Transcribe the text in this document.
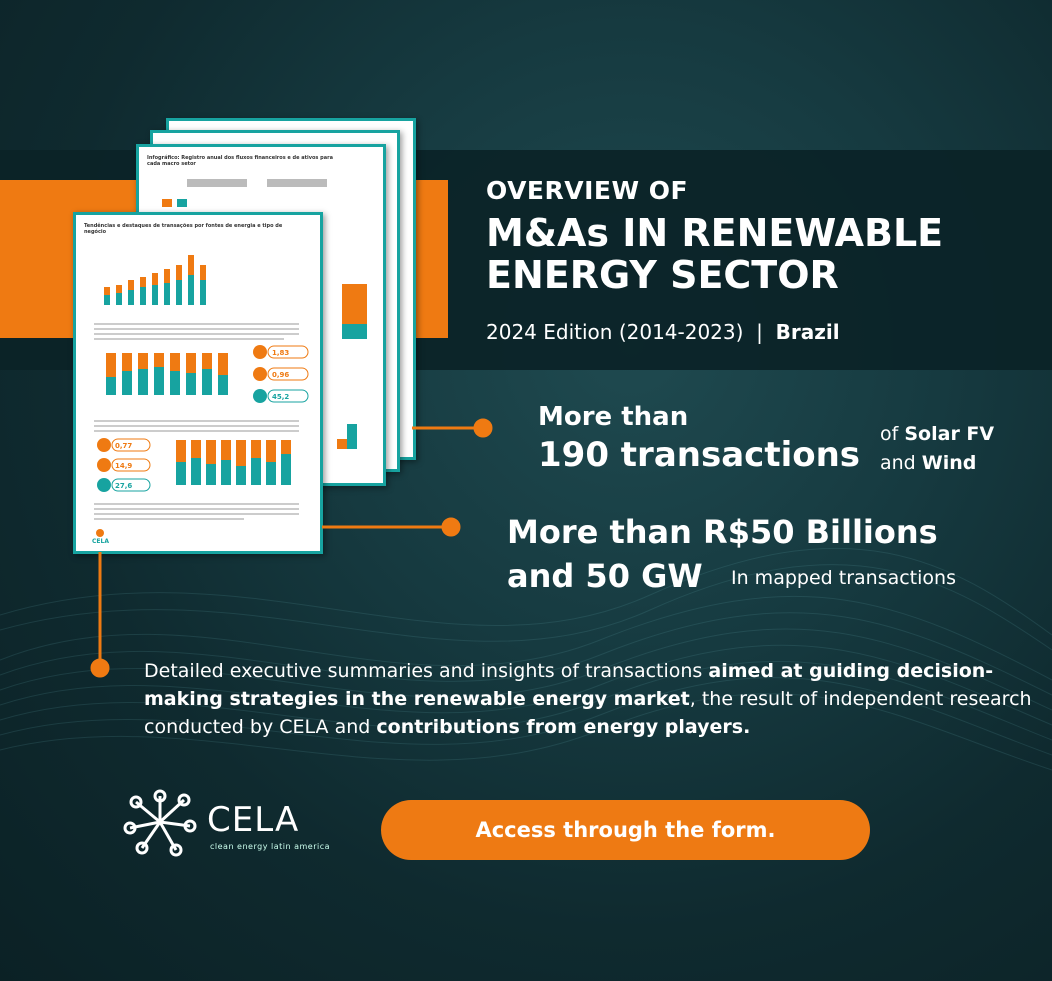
Infográfico: Registro anual dos fluxos financeiros e de ativos para cada macro setor
Tendências e destaques de transações por fontes de energia e tipo de negócio
1,83
0,96
45,2
0,77
14,9
27,6
CELA
OVERVIEW OF
M&As IN RENEWABLE
ENERGY SECTOR
2024 Edition (2014-2023) | Brazil
More than
190 transactions
of Solar FV
and Wind
More than R$50 Billions
and 50 GW In mapped transactions
Detailed executive summaries and insights of transactions aimed at guiding decision-making strategies in the renewable energy market, the result of independent research conducted by CELA and contributions from energy players.
CELA
clean energy latin america
Access through the form.
